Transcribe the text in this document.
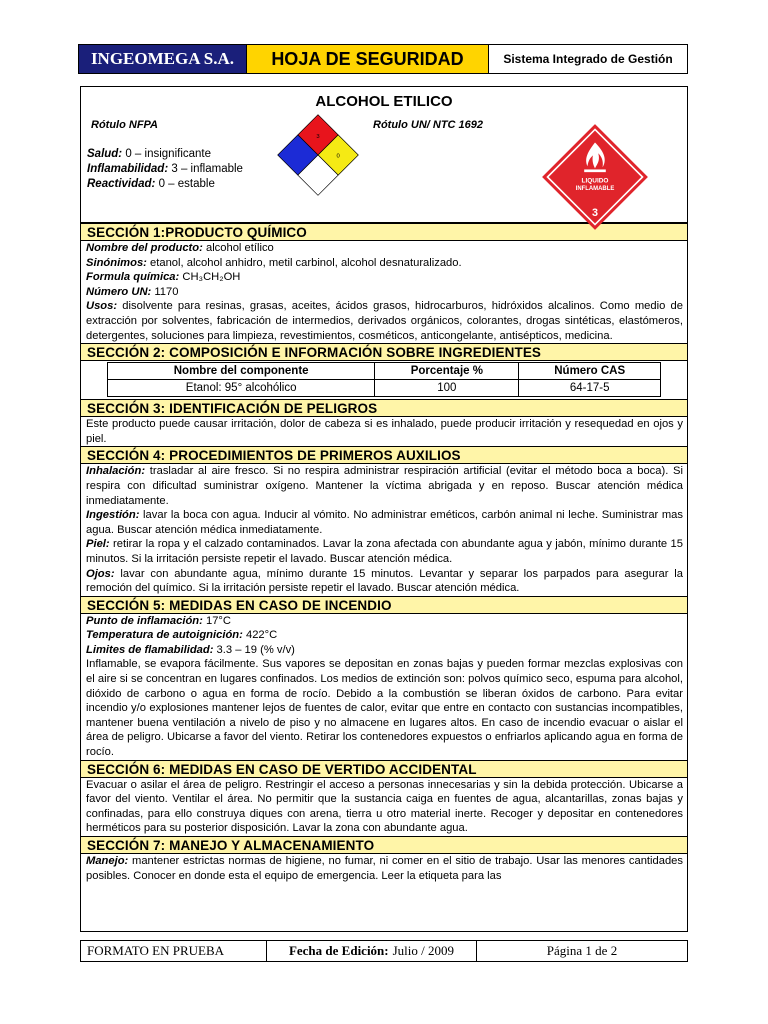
INGEOMEGA S.A.	HOJA DE SEGURIDAD	Sistema Integrado de Gestión
ALCOHOL ETILICO
Rótulo NFPA	Rótulo UN/ NTC 1692
Salud: 0 – insignificante
Inflamabilidad: 3 – inflamable
Reactividad: 0 – estable
3
0
LIQUIDO
INFLAMABLE
3
SECCIÓN 1:PRODUCTO QUÍMICO

Nombre del producto: alcohol etílico

Sinónimos: etanol, alcohol anhidro, metil carbinol, alcohol desnaturalizado.

Formula química: CH₃CH₂OH

Número UN: 1170

Usos: disolvente para resinas, grasas, aceites, ácidos grasos, hidrocarburos, hidróxidos alcalinos. Como medio de extracción por solventes, fabricación de intermedios, derivados orgánicos, colorantes, drogas sintéticas, elastómeros, detergentes, soluciones para limpieza, revestimientos, cosméticos, anticongelante, antisépticos, medicina.

SECCIÓN 2: COMPOSICIÓN E INFORMACIÓN SOBRE INGREDIENTES
Nombre del componente	Porcentaje %	Número CAS
Etanol: 95° alcohólico	100	64-17-5
SECCIÓN 3: IDENTIFICACIÓN DE PELIGROS

Este producto puede causar irritación, dolor de cabeza si es inhalado, puede producir irritación y resequedad en ojos y piel.

SECCIÓN 4: PROCEDIMIENTOS DE PRIMEROS AUXILIOS

Inhalación: trasladar al aire fresco. Si no respira administrar respiración artificial (evitar el método boca a boca). Si respira con dificultad suministrar oxígeno. Mantener la víctima abrigada y en reposo. Buscar atención médica inmediatamente.

Ingestión: lavar la boca con agua. Inducir al vómito. No administrar eméticos, carbón animal ni leche. Suministrar mas agua. Buscar atención médica inmediatamente.

Piel: retirar la ropa y el calzado contaminados. Lavar la zona afectada con abundante agua y jabón, mínimo durante 15 minutos. Si la irritación persiste repetir el lavado. Buscar atención médica.

Ojos: lavar con abundante agua, mínimo durante 15 minutos. Levantar y separar los parpados para asegurar la remoción del químico. Si la irritación persiste repetir el lavado. Buscar atención médica.

SECCIÓN 5: MEDIDAS EN CASO DE INCENDIO

Punto de inflamación: 17°C

Temperatura de autoignición: 422°C

Limites de flamabilidad: 3.3 – 19 (% v/v)

Inflamable, se evapora fácilmente. Sus vapores se depositan en zonas bajas y pueden formar mezclas explosivas con el aire si se concentran en lugares confinados. Los medios de extinción son: polvos químico seco, espuma para alcohol, dióxido de carbono o agua en forma de rocío. Debido a la combustión se liberan óxidos de carbono. Para evitar incendio y/o explosiones mantener lejos de fuentes de calor, evitar que entre en contacto con sustancias incompatibles, mantener buena ventilación a nivelo de piso y no almacene en lugares altos. En caso de incendio evacuar o aislar el área de peligro. Ubicarse a favor del viento. Retirar los contenedores expuestos o enfriarlos aplicando agua en forma de rocío.

SECCIÓN 6: MEDIDAS EN CASO DE VERTIDO ACCIDENTAL

Evacuar o asilar el área de peligro. Restringir el acceso a personas innecesarias y sin la debida protección. Ubicarse a favor del viento. Ventilar el área. No permitir que la sustancia caiga en fuentes de agua, alcantarillas, zonas bajas y confinadas, para ello construya diques con arena, tierra u otro material inerte. Recoger y depositar en contenedores herméticos para su posterior disposición. Lavar la zona con abundante agua.

SECCIÓN 7: MANEJO Y ALMACENAMIENTO

Manejo: mantener estrictas normas de higiene, no fumar, ni comer en el sitio de trabajo. Usar las menores cantidades posibles. Conocer en donde esta el equipo de emergencia. Leer la etiqueta para las

FORMATO EN PRUEBA	Fecha de Edición: Julio / 2009	Página 1 de 2
